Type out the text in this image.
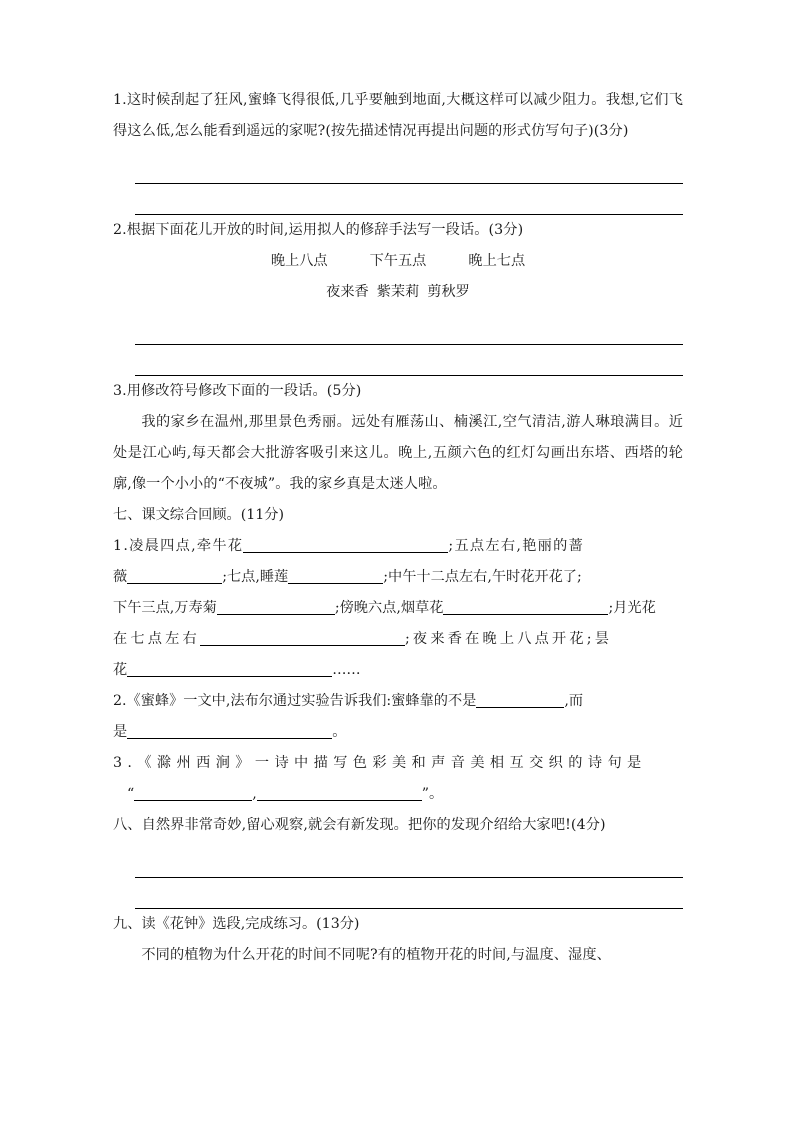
1.这时候刮起了狂风,蜜蜂飞得很低,几乎要触到地面,大概这样可以减少阻力。我想,它们飞得这么低,怎么能看到遥远的家呢?(按先描述情况再提出问题的形式仿写句子)(3分)

2.根据下面花儿开放的时间,运用拟人的修辞手法写一段话。(3分)

晚上八点	下午五点	晚上七点

夜来香 紫茉莉 剪秋罗

3.用修改符号修改下面的一段话。(5分)

我的家乡在温州,那里景色秀丽。远处有雁荡山、楠溪江,空气清洁,游人琳琅满目。近处是江心屿,每天都会大批游客吸引来这儿。晚上,五颜六色的红灯勾画出东塔、西塔的轮廓,像一个小小的“不夜城”。我的家乡真是太迷人啦。

七、课文综合回顾。(11分)

1.凌晨四点,牵牛花	;五点左右,艳丽的蔷

薇	;七点,睡莲	;中午十二点左右,午时花开花了;

下午三点,万寿菊	;傍晚六点,烟草花	;月光花

在七点左右	;夜来香在晚上八点开花;昙

花	……

2.《蜜蜂》一文中,法布尔通过实验告诉我们:蜜蜂靠的不是	,而

是	。

3.《滁州西涧》一诗中描写色彩美和声音美相互交织的诗句是

“	,	”。

八、自然界非常奇妙,留心观察,就会有新发现。把你的发现介绍给大家吧!(4分)

九、读《花钟》选段,完成练习。(13分)

不同的植物为什么开花的时间不同呢?有的植物开花的时间,与温度、湿度、
